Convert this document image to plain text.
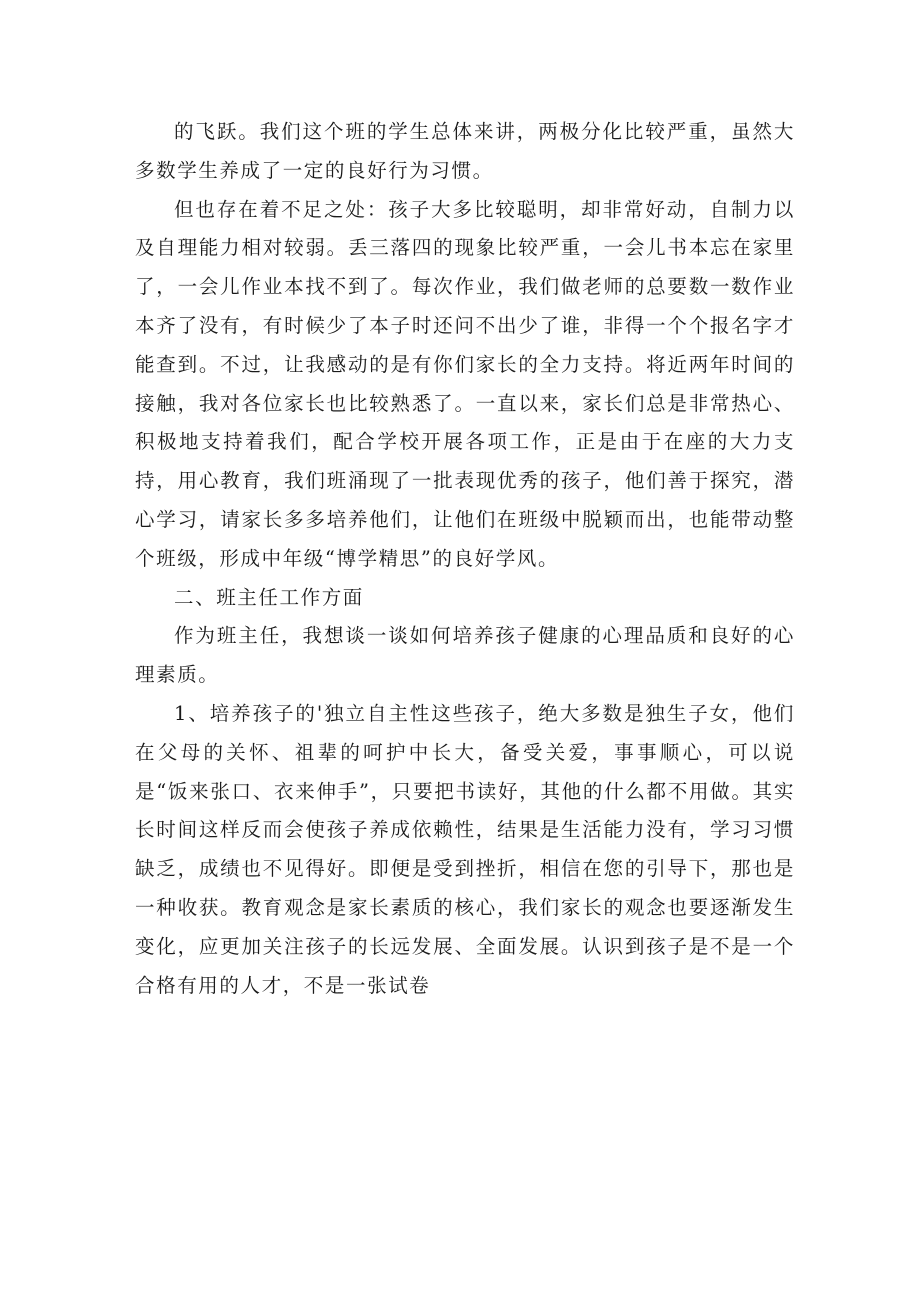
的飞跃。我们这个班的学生总体来讲，两极分化比较严重，虽然大多数学生养成了一定的良好行为习惯。

但也存在着不足之处：孩子大多比较聪明，却非常好动，自制力以及自理能力相对较弱。丢三落四的现象比较严重，一会儿书本忘在家里了，一会儿作业本找不到了。每次作业，我们做老师的总要数一数作业本齐了没有，有时候少了本子时还问不出少了谁，非得一个个报名字才能查到。不过，让我感动的是有你们家长的全力支持。将近两年时间的接触，我对各位家长也比较熟悉了。一直以来，家长们总是非常热心、积极地支持着我们，配合学校开展各项工作，正是由于在座的大力支持，用心教育，我们班涌现了一批表现优秀的孩子，他们善于探究，潜心学习，请家长多多培养他们，让他们在班级中脱颖而出，也能带动整个班级，形成中年级“博学精思”的良好学风。

二、班主任工作方面

作为班主任，我想谈一谈如何培养孩子健康的心理品质和良好的心理素质。

1、培养孩子的'独立自主性这些孩子，绝大多数是独生子女，他们在父母的关怀、祖辈的呵护中长大，备受关爱，事事顺心，可以说是“饭来张口、衣来伸手”，只要把书读好，其他的什么都不用做。其实长时间这样反而会使孩子养成依赖性，结果是生活能力没有，学习习惯缺乏，成绩也不见得好。即便是受到挫折，相信在您的引导下，那也是一种收获。教育观念是家长素质的核心，我们家长的观念也要逐渐发生变化，应更加关注孩子的长远发展、全面发展。认识到孩子是不是一个合格有用的人才，不是一张试卷
